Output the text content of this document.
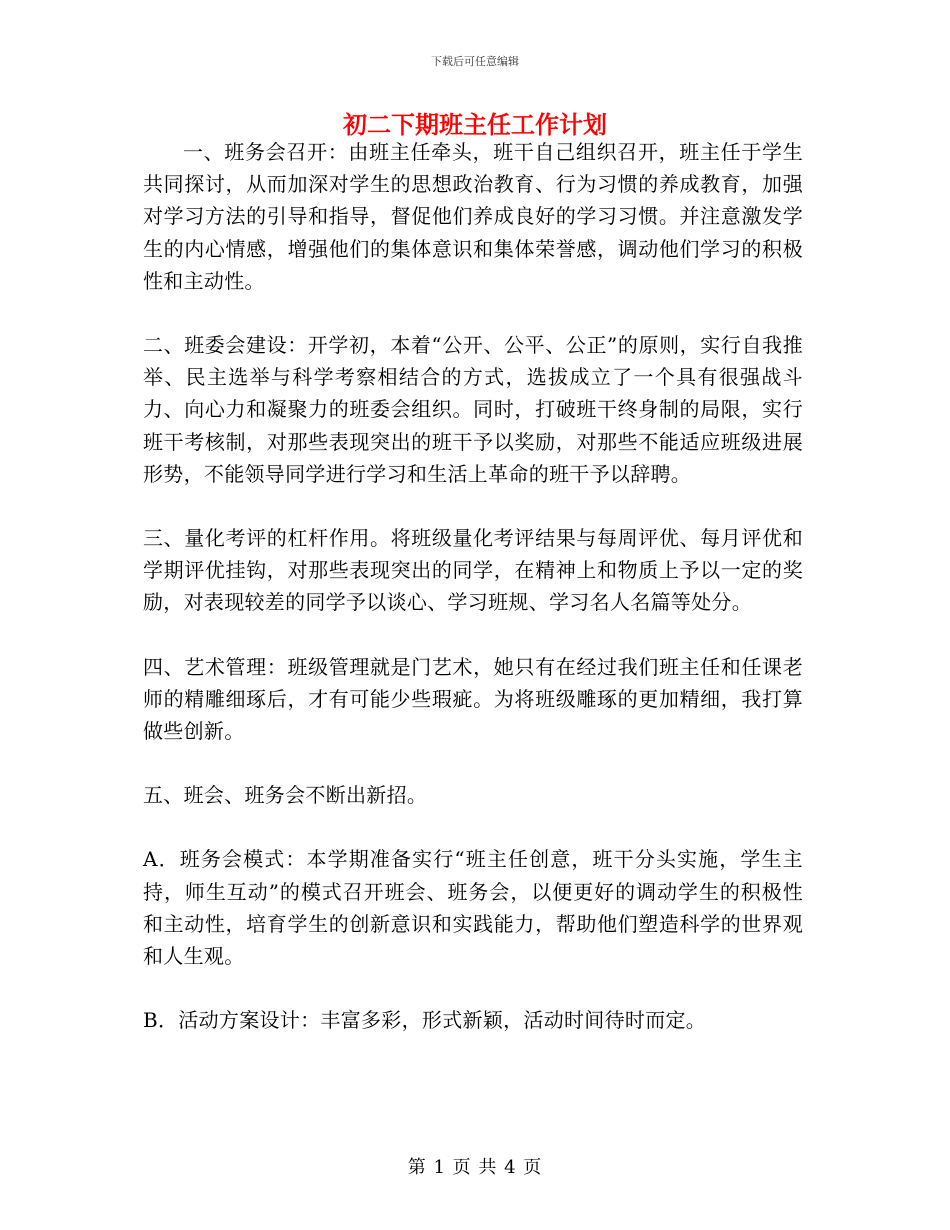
下载后可任意编辑
初二下期班主任工作计划

一、班务会召开：由班主任牵头，班干自己组织召开，班主任于学生共同探讨，从而加深对学生的思想政治教育、行为习惯的养成教育，加强对学习方法的引导和指导，督促他们养成良好的学习习惯。并注意激发学生的内心情感，增强他们的集体意识和集体荣誉感，调动他们学习的积极性和主动性。

二、班委会建设：开学初，本着“公开、公平、公正”的原则，实行自我推举、民主选举与科学考察相结合的方式，选拔成立了一个具有很强战斗力、向心力和凝聚力的班委会组织。同时，打破班干终身制的局限，实行班干考核制，对那些表现突出的班干予以奖励，对那些不能适应班级进展形势，不能领导同学进行学习和生活上革命的班干予以辞聘。

三、量化考评的杠杆作用。将班级量化考评结果与每周评优、每月评优和学期评优挂钩，对那些表现突出的同学，在精神上和物质上予以一定的奖励，对表现较差的同学予以谈心、学习班规、学习名人名篇等处分。

四、艺术管理：班级管理就是门艺术，她只有在经过我们班主任和任课老师的精雕细琢后，才有可能少些瑕疵。为将班级雕琢的更加精细，我打算做些创新。

五、班会、班务会不断出新招。

A．班务会模式：本学期准备实行“班主任创意，班干分头实施，学生主持，师生互动”的模式召开班会、班务会，以便更好的调动学生的积极性和主动性，培育学生的创新意识和实践能力，帮助他们塑造科学的世界观和人生观。

B．活动方案设计：丰富多彩，形式新颖，活动时间待时而定。

第 1 页 共 4 页
